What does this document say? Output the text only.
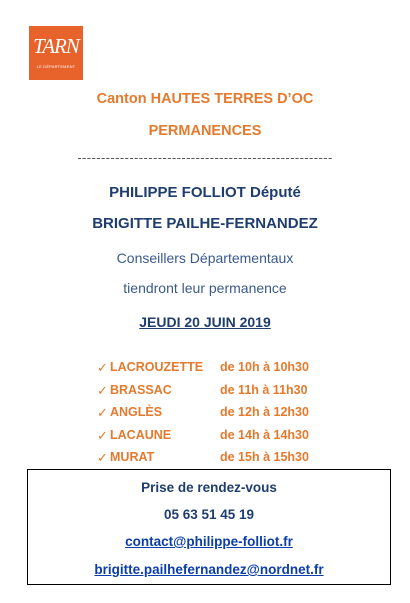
TARN
LE DÉPARTEMENT
Canton HAUTES TERRES D’OC
PERMANENCES
------------------------------------------------------
PHILIPPE FOLLIOT Député
BRIGITTE PAILHE-FERNANDEZ
Conseillers Départementaux
tiendront leur permanence
JEUDI 20 JUIN 2019
✓ LACROUZETTE de 10h à 10h30
✓ BRASSAC	de 11h à 11h30
✓ ANGLÈS	de 12h à 12h30
✓ LACAUNE	de 14h à 14h30
✓ MURAT	de 15h à 15h30
Prise de rendez-vous
05 63 51 45 19
contact@philippe-folliot.fr
brigitte.pailhefernandez@nordnet.fr
